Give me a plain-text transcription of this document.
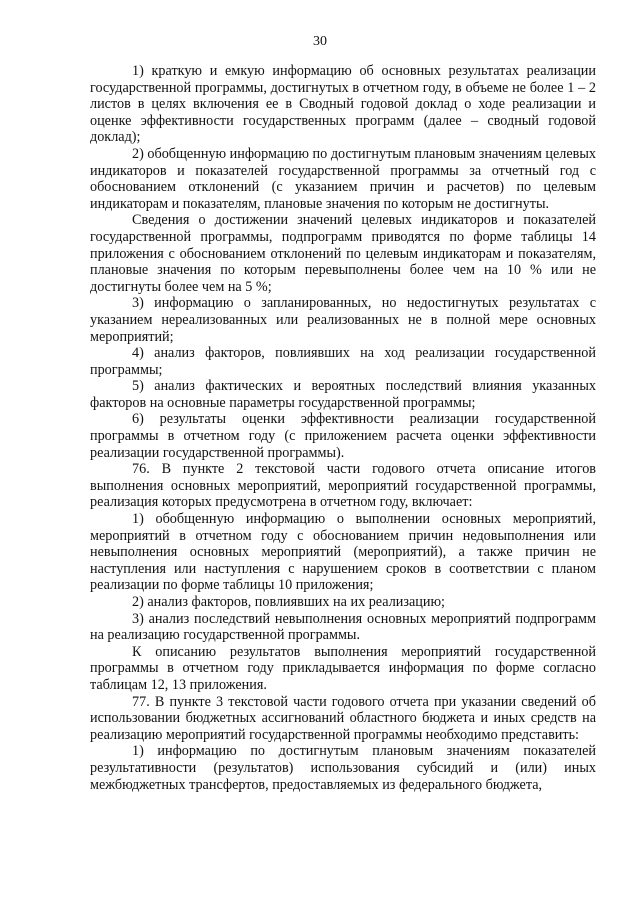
30

1) краткую и емкую информацию об основных результатах реализации государственной программы, достигнутых в отчетном году, в объеме не более 1 – 2 листов в целях включения ее в Сводный годовой доклад о ходе реализации и оценке эффективности государственных программ (далее – сводный годовой доклад);

2) обобщенную информацию по достигнутым плановым значениям целевых индикаторов и показателей государственной программы за отчетный год с обоснованием отклонений (с указанием причин и расчетов) по целевым индикаторам и показателям, плановые значения по которым не достигнуты.

Сведения о достижении значений целевых индикаторов и показателей государственной программы, подпрограмм приводятся по форме таблицы 14 приложения с обоснованием отклонений по целевым индикаторам и показателям, плановые значения по которым перевыполнены более чем на 10 % или не достигнуты более чем на 5 %;

3) информацию о запланированных, но недостигнутых результатах с указанием нереализованных или реализованных не в полной мере основных мероприятий;

4) анализ факторов, повлиявших на ход реализации государственной программы;

5) анализ фактических и вероятных последствий влияния указанных факторов на основные параметры государственной программы;

6) результаты оценки эффективности реализации государственной программы в отчетном году (с приложением расчета оценки эффективности реализации государственной программы).

76. В пункте 2 текстовой части годового отчета описание итогов выполнения основных мероприятий, мероприятий государственной программы, реализация которых предусмотрена в отчетном году, включает:

1) обобщенную информацию о выполнении основных мероприятий, мероприятий в отчетном году с обоснованием причин недовыполнения или невыполнения основных мероприятий (мероприятий), а также причин не наступления или наступления с нарушением сроков в соответствии с планом реализации по форме таблицы 10 приложения;

2) анализ факторов, повлиявших на их реализацию;

3) анализ последствий невыполнения основных мероприятий подпрограмм на реализацию государственной программы.

К описанию результатов выполнения мероприятий государственной программы в отчетном году прикладывается информация по форме согласно таблицам 12, 13 приложения.

77. В пункте 3 текстовой части годового отчета при указании сведений об использовании бюджетных ассигнований областного бюджета и иных средств на реализацию мероприятий государственной программы необходимо представить:

1) информацию по достигнутым плановым значениям показателей результативности (результатов) использования субсидий и (или) иных межбюджетных трансфертов, предоставляемых из федерального бюджета,
